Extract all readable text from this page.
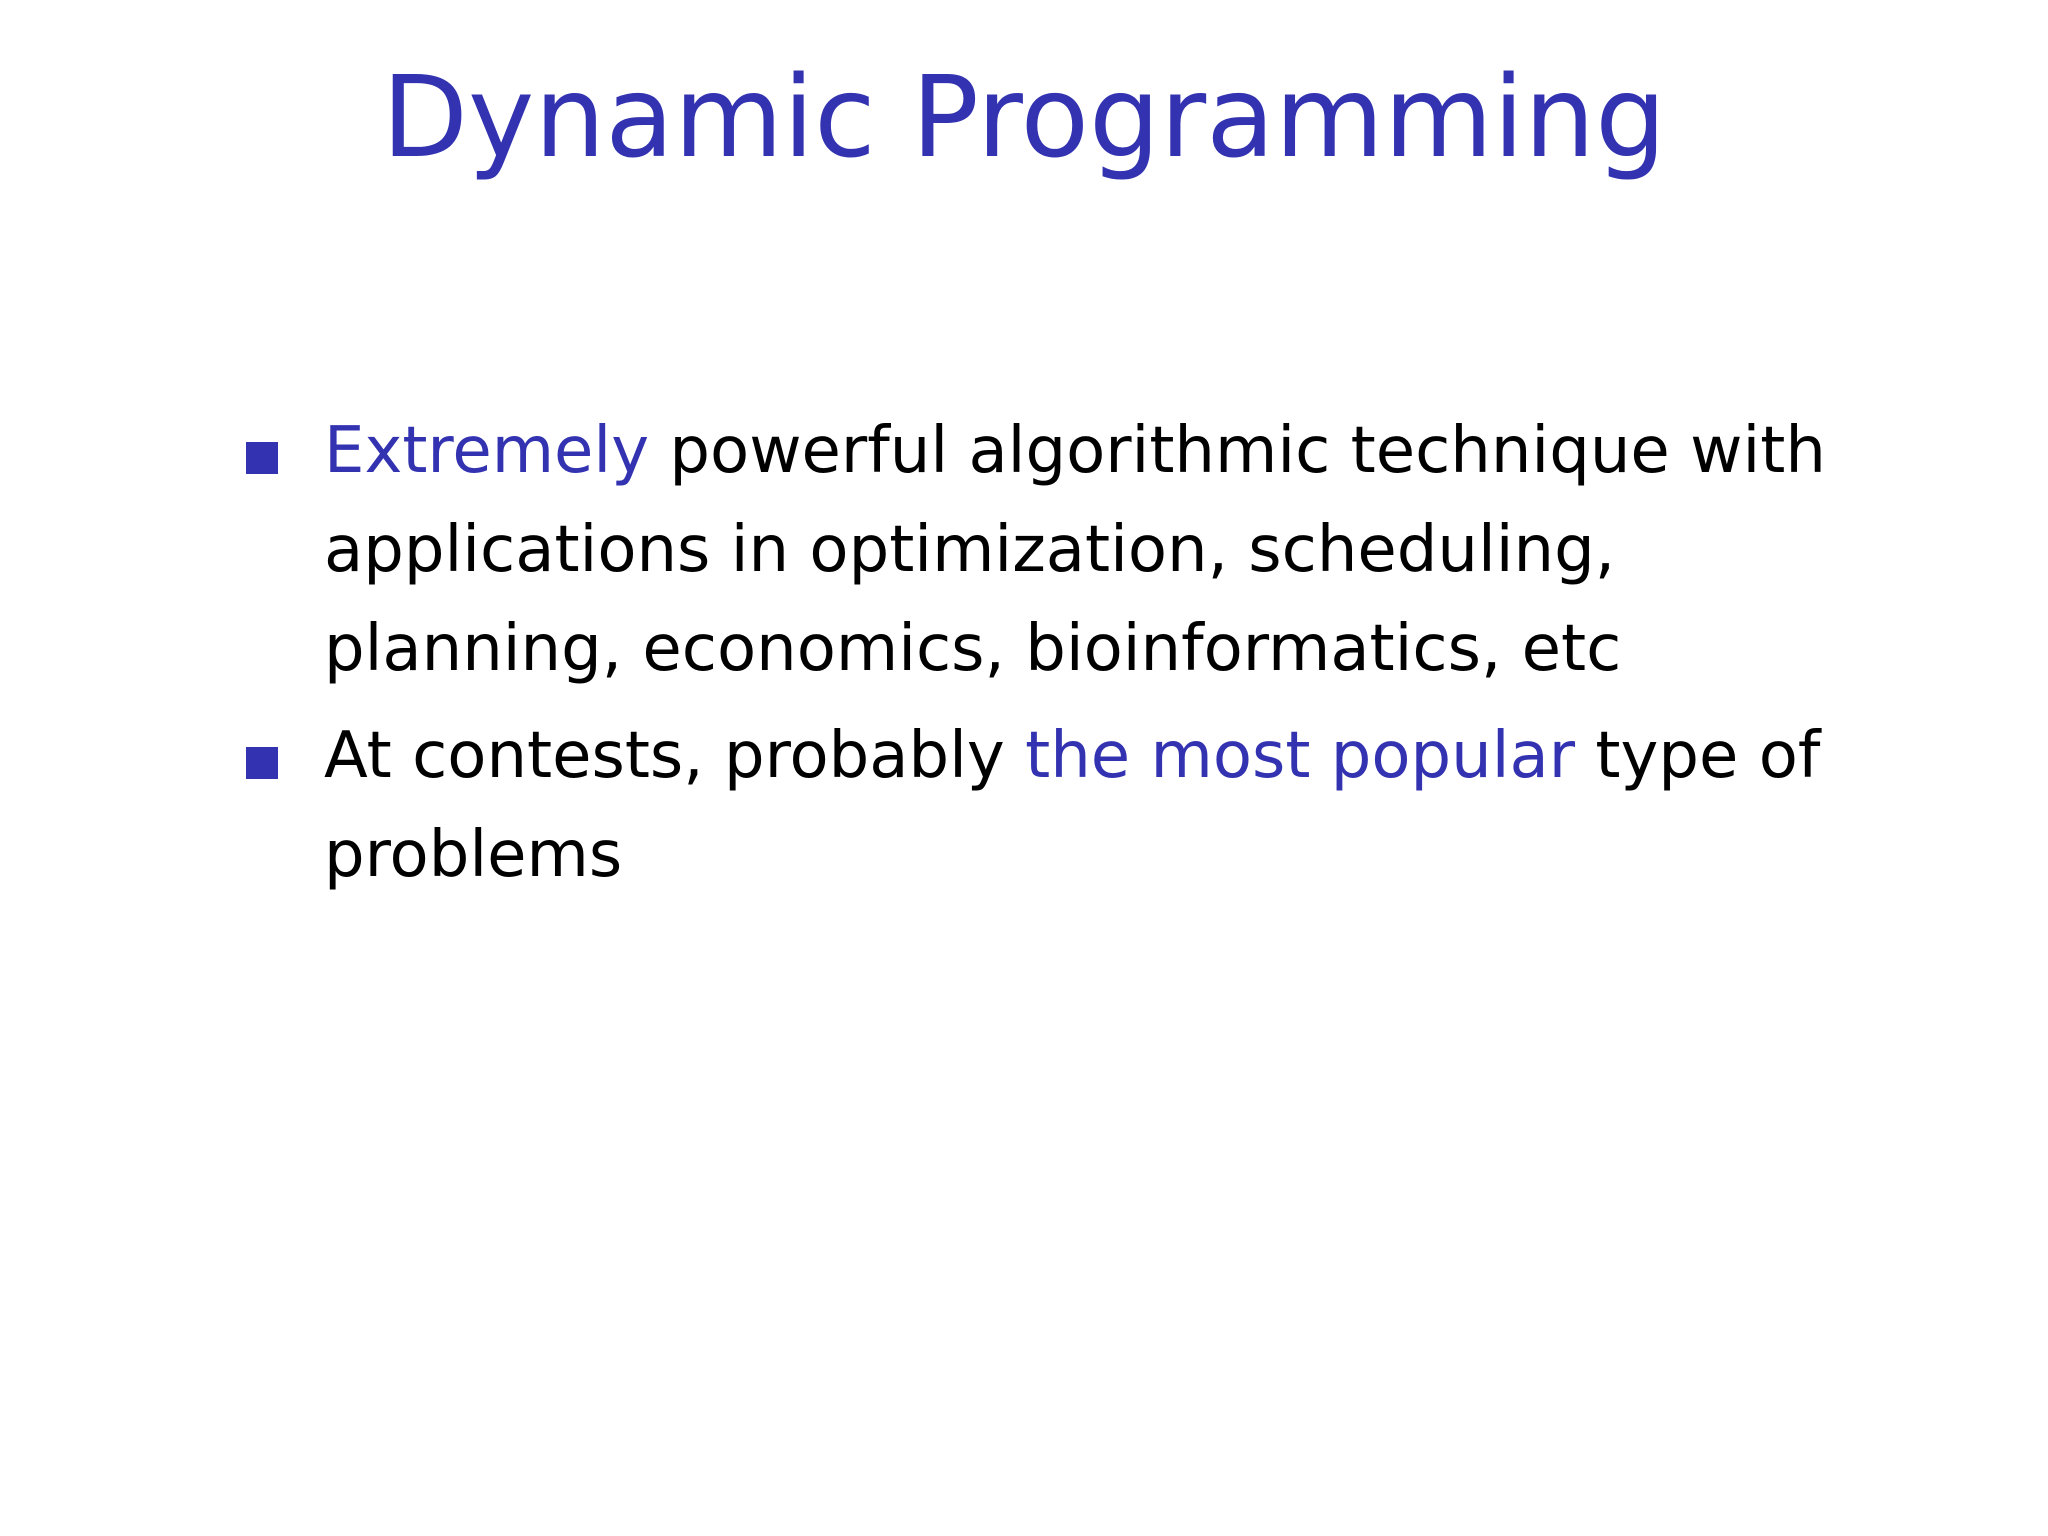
Dynamic Programming
Extremely powerful algorithmic technique with applications in optimization, scheduling, planning, economics, bioinformatics, etc
At contests, probably the most popular type of problems
